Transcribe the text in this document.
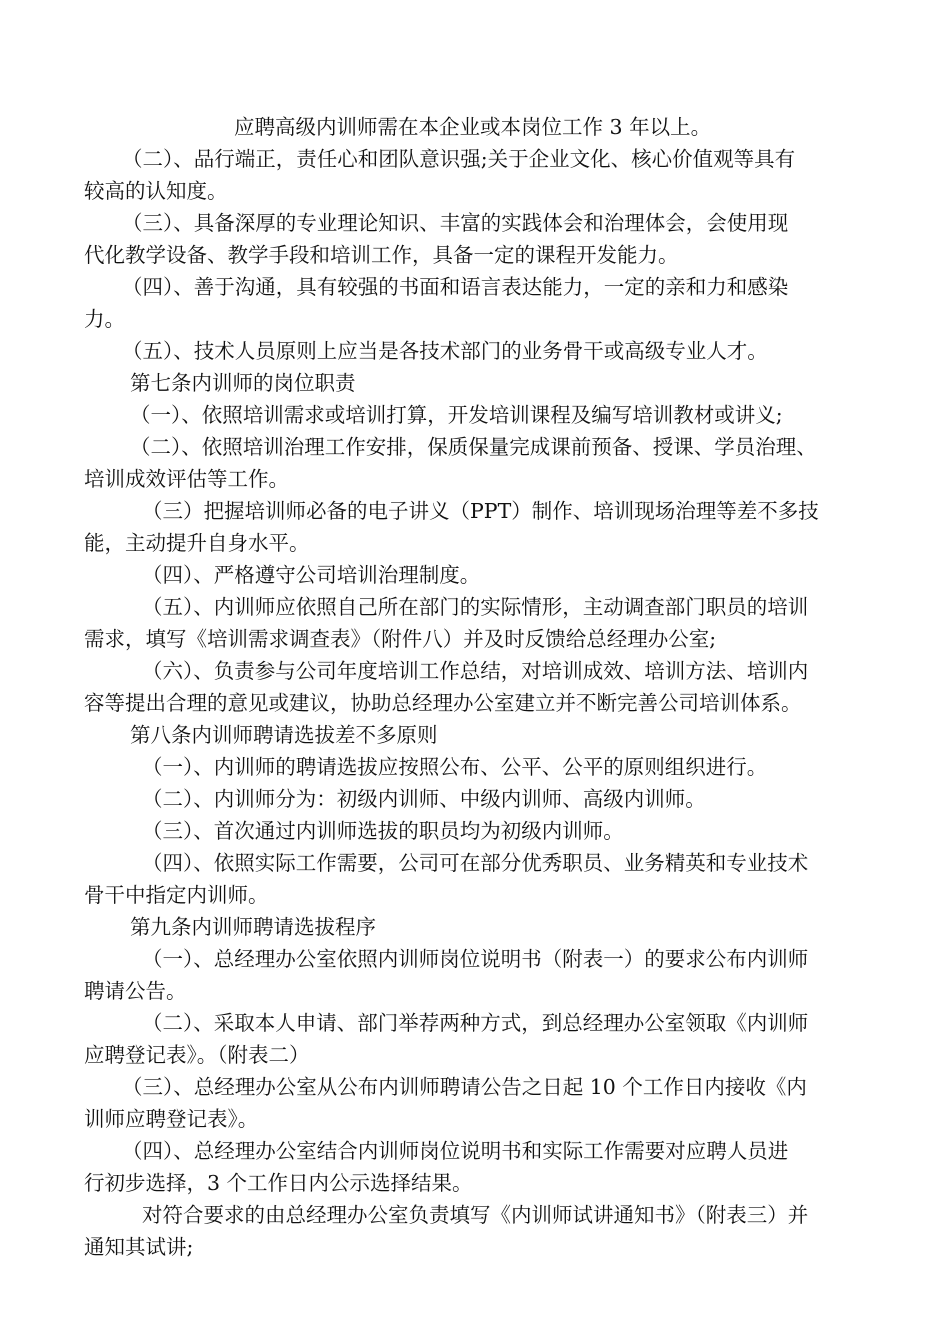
应聘高级内训师需在本企业或本岗位工作 3 年以上。
（二）、品行端正，责任心和团队意识强;关于企业文化、核心价值观等具有
较高的认知度。
（三）、具备深厚的专业理论知识、丰富的实践体会和治理体会，会使用现
代化教学设备、教学手段和培训工作，具备一定的课程开发能力。
（四）、善于沟通，具有较强的书面和语言表达能力，一定的亲和力和感染
力。
（五）、技术人员原则上应当是各技术部门的业务骨干或高级专业人才。
第七条内训师的岗位职责
（一）、依照培训需求或培训打算，开发培训课程及编写培训教材或讲义;
（二）、依照培训治理工作安排，保质保量完成课前预备、授课、学员治理、
培训成效评估等工作。
（三）把握培训师必备的电子讲义（PPT）制作、培训现场治理等差不多技
能，主动提升自身水平。
（四）、严格遵守公司培训治理制度。
（五）、内训师应依照自己所在部门的实际情形，主动调查部门职员的培训
需求，填写《培训需求调查表》（附件八）并及时反馈给总经理办公室;
（六）、负责参与公司年度培训工作总结，对培训成效、培训方法、培训内
容等提出合理的意见或建议，协助总经理办公室建立并不断完善公司培训体系。
第八条内训师聘请选拔差不多原则
（一）、内训师的聘请选拔应按照公布、公平、公平的原则组织进行。
（二）、内训师分为：初级内训师、中级内训师、高级内训师。
（三）、首次通过内训师选拔的职员均为初级内训师。
（四）、依照实际工作需要，公司可在部分优秀职员、业务精英和专业技术
骨干中指定内训师。
第九条内训师聘请选拔程序
（一）、总经理办公室依照内训师岗位说明书（附表一）的要求公布内训师
聘请公告。
（二）、采取本人申请、部门举荐两种方式，到总经理办公室领取《内训师
应聘登记表》。（附表二）
（三）、总经理办公室从公布内训师聘请公告之日起 10 个工作日内接收《内
训师应聘登记表》。
（四）、总经理办公室结合内训师岗位说明书和实际工作需要对应聘人员进
行初步选择，3 个工作日内公示选择结果。
对符合要求的由总经理办公室负责填写《内训师试讲通知书》（附表三）并
通知其试讲;
